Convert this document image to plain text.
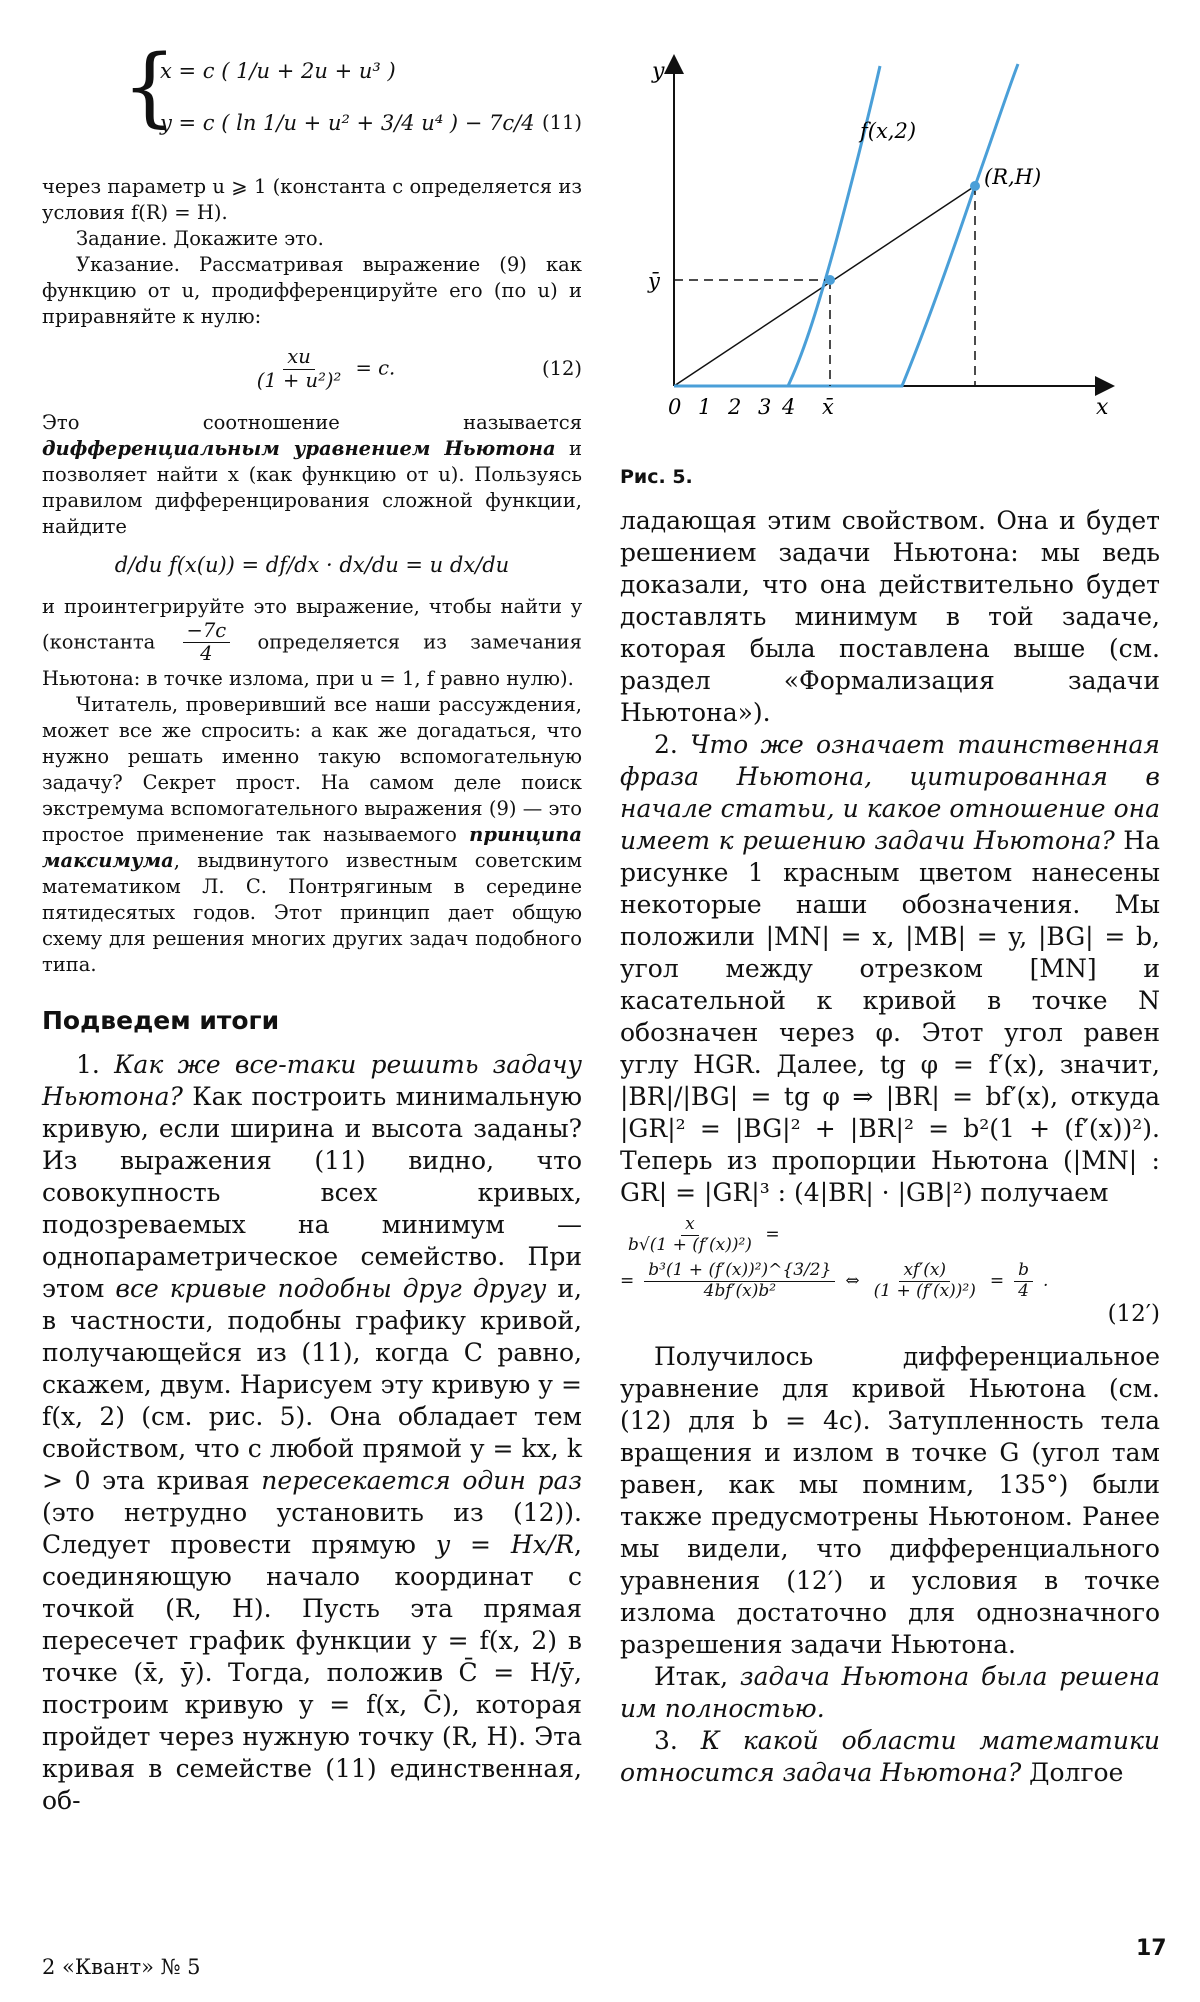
{
x = c ( 1/u + 2u + u³ )
y = c ( ln 1/u + u² + 3/4 u⁴ ) − 7c/4 (11)

через параметр u ⩾ 1 (константа c определяется из условия f(R) = H).

Задание. Докажите это.

Указание. Рассматривая выражение (9) как функцию от u, продифференцируйте его (по u) и приравняйте к нулю:

$\frac{xu}{\text{(1 + u²)²}} = c$.	(12)

Это соотношение называется дифференциальным уравнением Ньютона и позволяет найти x (как функцию от u). Пользуясь правилом дифференцирования сложной функции, найдите

d/du f(x(u)) = df/dx · dx/du = u dx/du

и проинтегрируйте это выражение, чтобы найти y (константа $\frac{-7c}{4}$ определяется из замечания Ньютона: в точке излома, при u = 1, f равно нулю).

Читатель, проверивший все наши рассуждения, может все же спросить: а как же догадаться, что нужно решать именно такую вспомогательную задачу? Секрет прост. На самом деле поиск экстремума вспомогательного выражения (9) — это простое применение так называемого принципа максимума, выдвинутого известным советским математиком Л. С. Понтрягиным в середине пятидесятых годов. Этот принцип дает общую схему для решения многих других задач подобного типа.

Подведем итоги

1. Как же все-таки решить задачу Ньютона? Как построить минимальную кривую, если ширина и высота заданы? Из выражения (11) видно, что совокупность всех кривых, подозреваемых на минимум — однопараметрическое семейство. При этом все кривые подобны друг другу и, в частности, подобны графику кривой, получающейся из (11), когда C равно, скажем, двум. Нарисуем эту кривую y = f(x, 2) (см. рис. 5). Она обладает тем свойством, что с любой прямой y = kx, k > 0 эта кривая пересекается один раз (это нетрудно установить из (12)). Следует провести прямую y = Hx/R, соединяющую начало координат с точкой (R, H). Пусть эта прямая пересечет график функции y = f(x, 2) в точке (x̄, ȳ). Тогда, положив C̄ = H/ȳ, построим кривую y = f(x, C̄), которая пройдет через нужную точку (R, H). Эта кривая в семействе (11) единственная, об-

y
x
f(x,2)
(R,H)
ȳ
x̄
0 1 2 3 4
Рис. 5.

ладающая этим свойством. Она и будет решением задачи Ньютона: мы ведь доказали, что она действительно будет доставлять минимум в той задаче, которая была поставлена выше (см. раздел «Формализация задачи Ньютона»).

2. Что же означает таинственная фраза Ньютона, цитированная в начале статьи, и какое отношение она имеет к решению задачи Ньютона? На рисунке 1 красным цветом нанесены некоторые наши обозначения. Мы положили |MN| = x, |MB| = y, |BG| = b, угол между отрезком [MN] и касательной к кривой в точке N обозначен через φ. Этот угол равен углу HGR. Далее, tg φ = f′(x), значит, |BR|/|BG| = tg φ ⇒ |BR| = bf′(x), откуда |GR|² = |BG|² + |BR|² = b²(1 + (f′(x))²). Теперь из пропорции Ньютона (|MN| : GR| = |GR|³ : (4|BR| · |GB|²) получаем

$\frac{x}{\text{b√(1 + (f′(x))²)}}$ =
= $\frac{\text{b³(1 + (f′(x))²)\textasciicircum{}\{3/2\}}}{\text{4bf′(x)b²}}$ ⇔ $\frac{xf'(x)}{\text{(1 + (f′(x))²)}} = \frac{b}{4}$ .
(12′)

Получилось дифференциальное уравнение для кривой Ньютона (см. (12) для b = 4c). Затупленность тела вращения и излом в точке G (угол там равен, как мы помним, 135°) были также предусмотрены Ньютоном. Ранее мы видели, что дифференциального уравнения (12′) и условия в точке излома достаточно для однозначного разрешения задачи Ньютона.

Итак, задача Ньютона была решена им полностью.

3. К какой области математики относится задача Ньютона? Долгое

2 «Квант» № 5
17
